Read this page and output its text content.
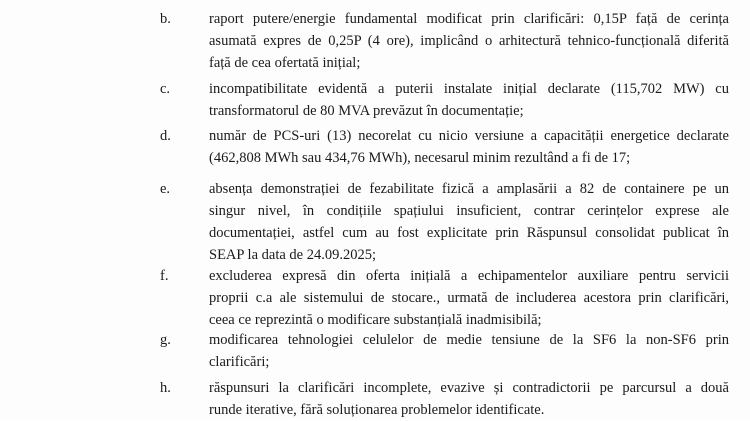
b.	raport putere/energie fundamental modificat prin clarificări: 0,15P față de cerința
asumată expres de 0,25P (4 ore), implicând o arhitectură tehnico-funcțională diferită
față de cea ofertată inițial;
c.	incompatibilitate evidentă a puterii instalate inițial declarate (115,702 MW) cu
transformatorul de 80 MVA prevăzut în documentație;
d.	număr de PCS-uri (13) necorelat cu nicio versiune a capacității energetice declarate
(462,808 MWh sau 434,76 MWh), necesarul minim rezultând a fi de 17;
e.	absența demonstrației de fezabilitate fizică a amplasării a 82 de containere pe un
singur nivel, în condițiile spațiului insuficient, contrar cerințelor exprese ale
documentației, astfel cum au fost explicitate prin Răspunsul consolidat publicat în
SEAP la data de 24.09.2025;
f.	excluderea expresă din oferta inițială a echipamentelor auxiliare pentru servicii
proprii c.a ale sistemului de stocare., urmată de includerea acestora prin clarificări,
ceea ce reprezintă o modificare substanțială inadmisibilă;
g.	modificarea tehnologiei celulelor de medie tensiune de la SF6 la non-SF6 prin
clarificări;
h.	răspunsuri la clarificări incomplete, evazive și contradictorii pe parcursul a două
runde iterative, fără soluționarea problemelor identificate.
